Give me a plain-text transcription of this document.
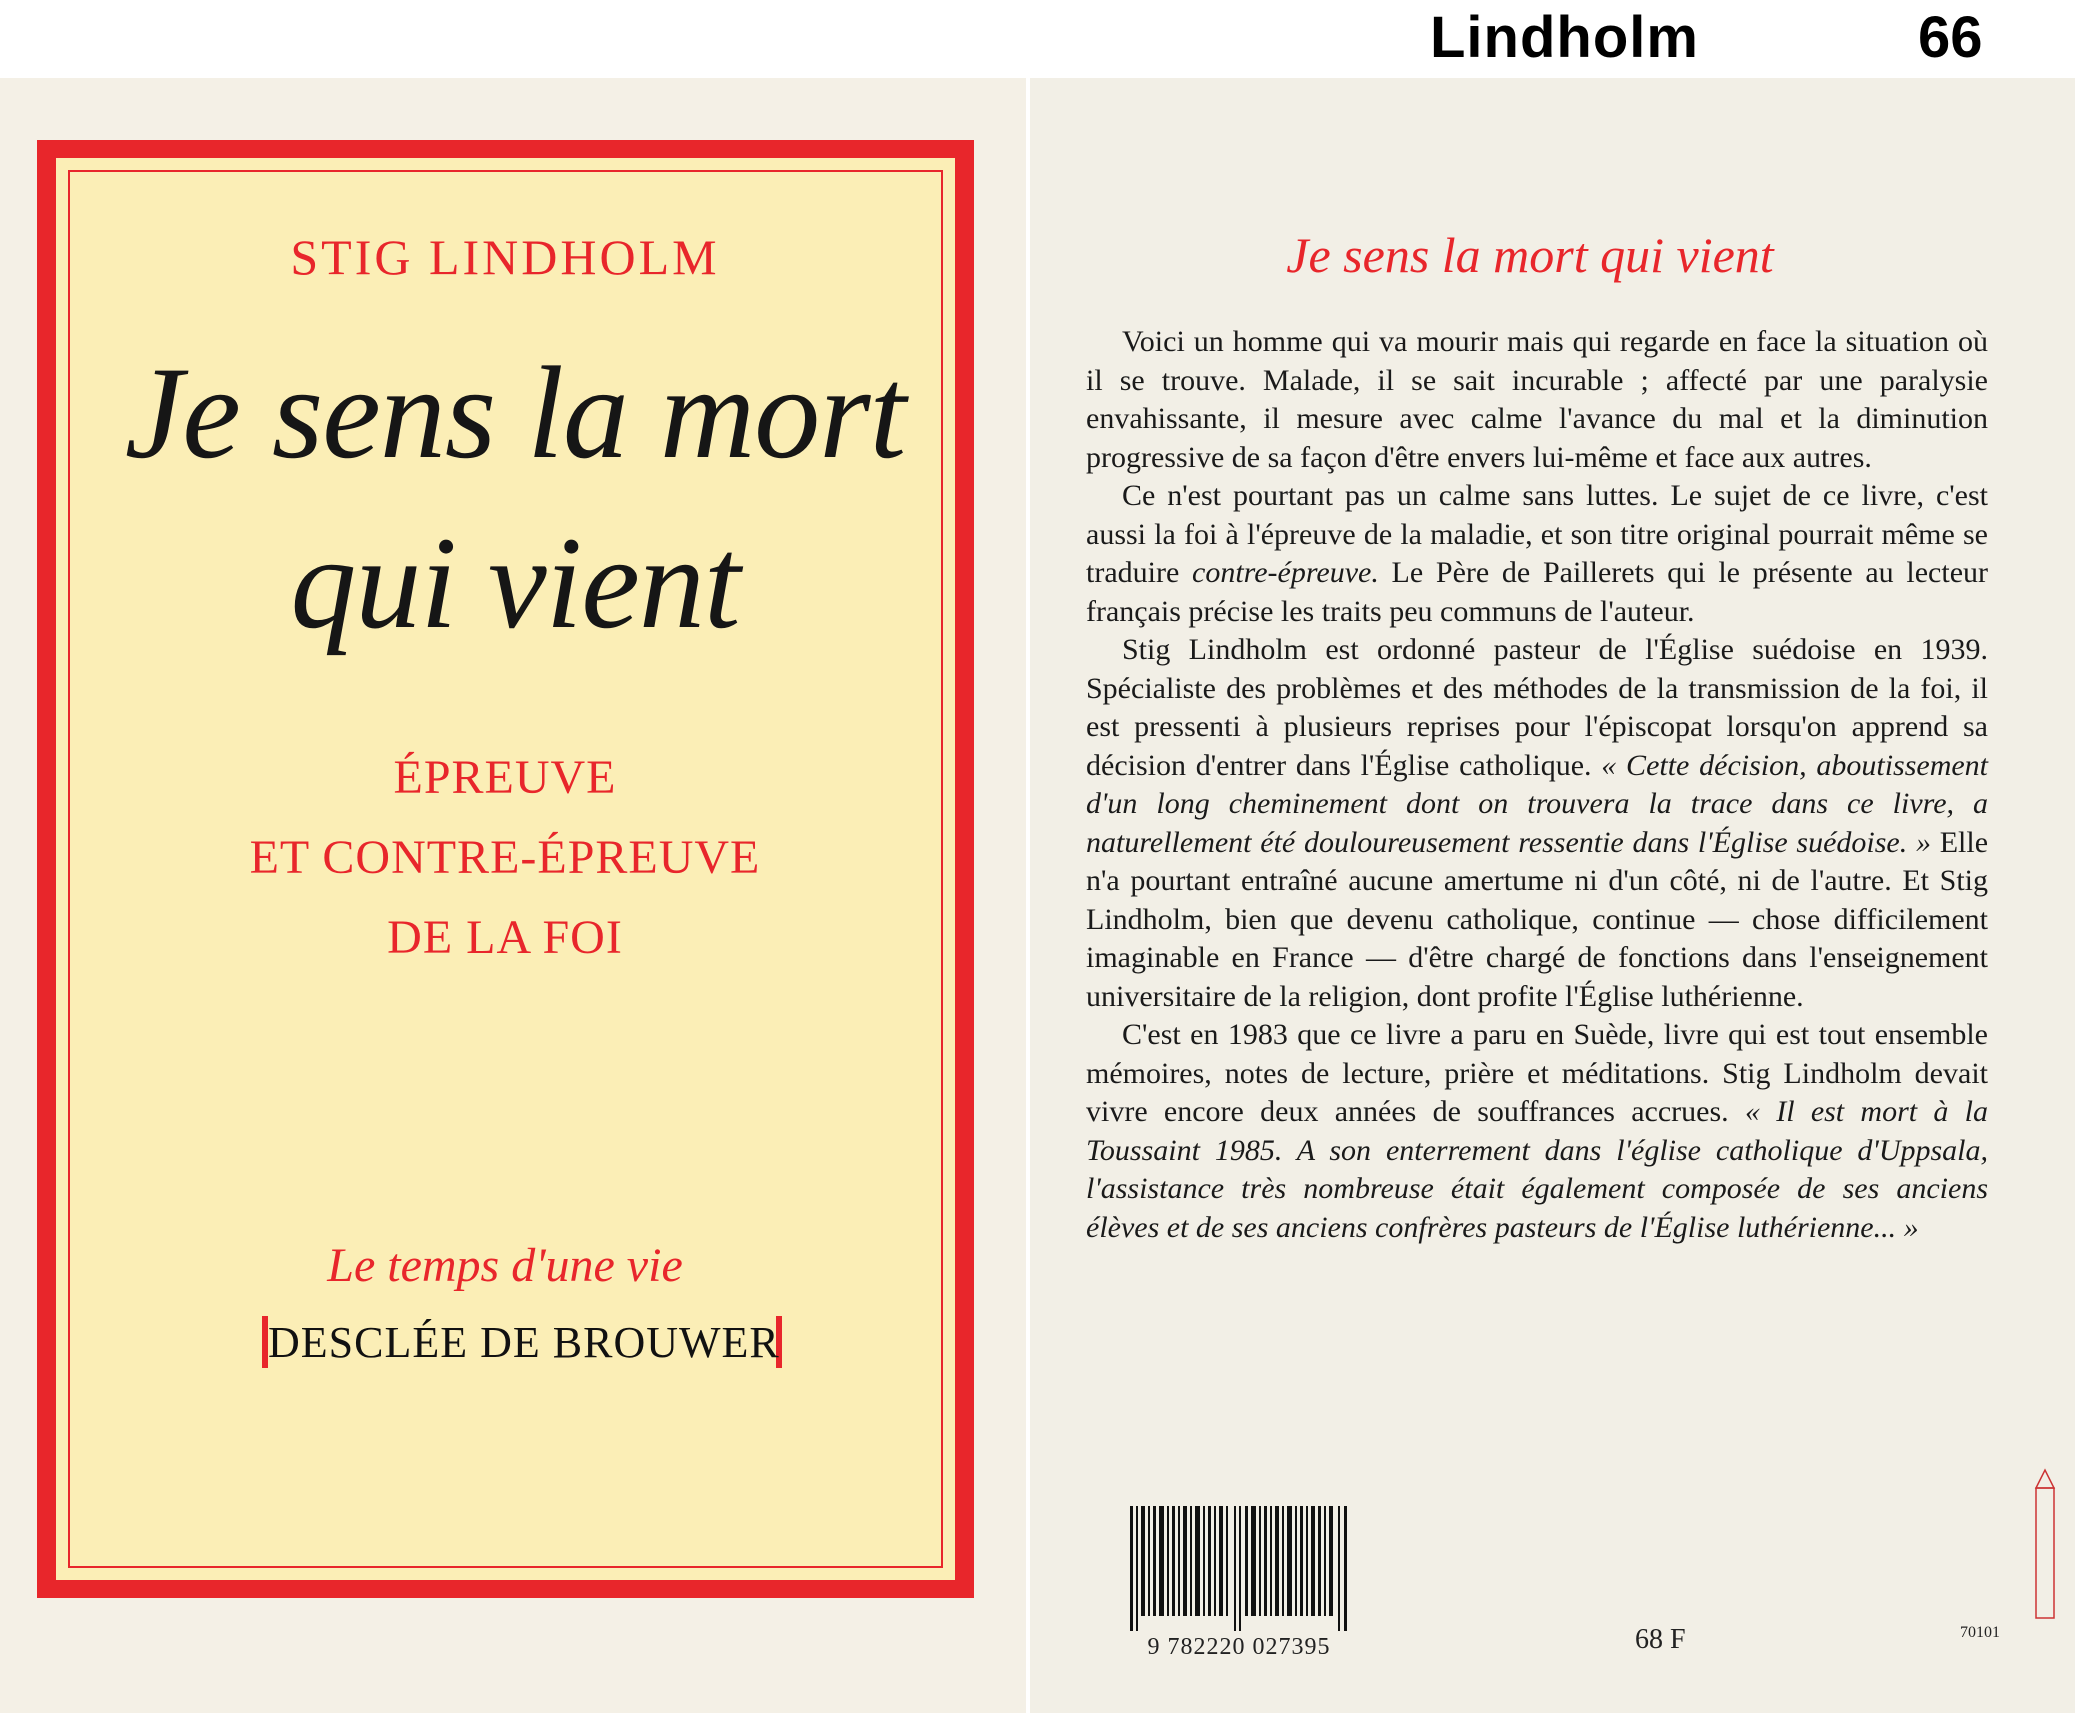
Lindholm	66
STIG LINDHOLM
Je sens la mort
qui vient
ÉPREUVE
ET CONTRE-ÉPREUVE
DE LA FOI
Le temps d'une vie
DESCLÉE DE BROUWER
Je sens la mort qui vient

Voici un homme qui va mourir mais qui regarde en face la situation où il se trouve. Malade, il se sait incurable ; affecté par une paralysie envahissante, il mesure avec calme l'avance du mal et la diminution progressive de sa façon d'être envers lui-même et face aux autres.

Ce n'est pourtant pas un calme sans luttes. Le sujet de ce livre, c'est aussi la foi à l'épreuve de la maladie, et son titre original pourrait même se traduire contre-épreuve. Le Père de Paillerets qui le présente au lecteur français précise les traits peu communs de l'auteur.

Stig Lindholm est ordonné pasteur de l'Église suédoise en 1939. Spécialiste des problèmes et des méthodes de la transmission de la foi, il est pressenti à plusieurs reprises pour l'épiscopat lorsqu'on apprend sa décision d'entrer dans l'Église catholique. « Cette décision, aboutissement d'un long cheminement dont on trouvera la trace dans ce livre, a naturellement été douloureusement ressentie dans l'Église suédoise. » Elle n'a pourtant entraîné aucune amertume ni d'un côté, ni de l'autre. Et Stig Lindholm, bien que devenu catholique, continue — chose difficilement imaginable en France — d'être chargé de fonctions dans l'enseignement universitaire de la religion, dont profite l'Église luthérienne.

C'est en 1983 que ce livre a paru en Suède, livre qui est tout ensemble mémoires, notes de lecture, prière et méditations. Stig Lindholm devait vivre encore deux années de souffrances accrues. « Il est mort à la Toussaint 1985. A son enterrement dans l'église catholique d'Uppsala, l'assistance très nombreuse était également composée de ses anciens élèves et de ses anciens confrères pasteurs de l'Église luthérienne... »

9 782220 027395	68 F	70101
